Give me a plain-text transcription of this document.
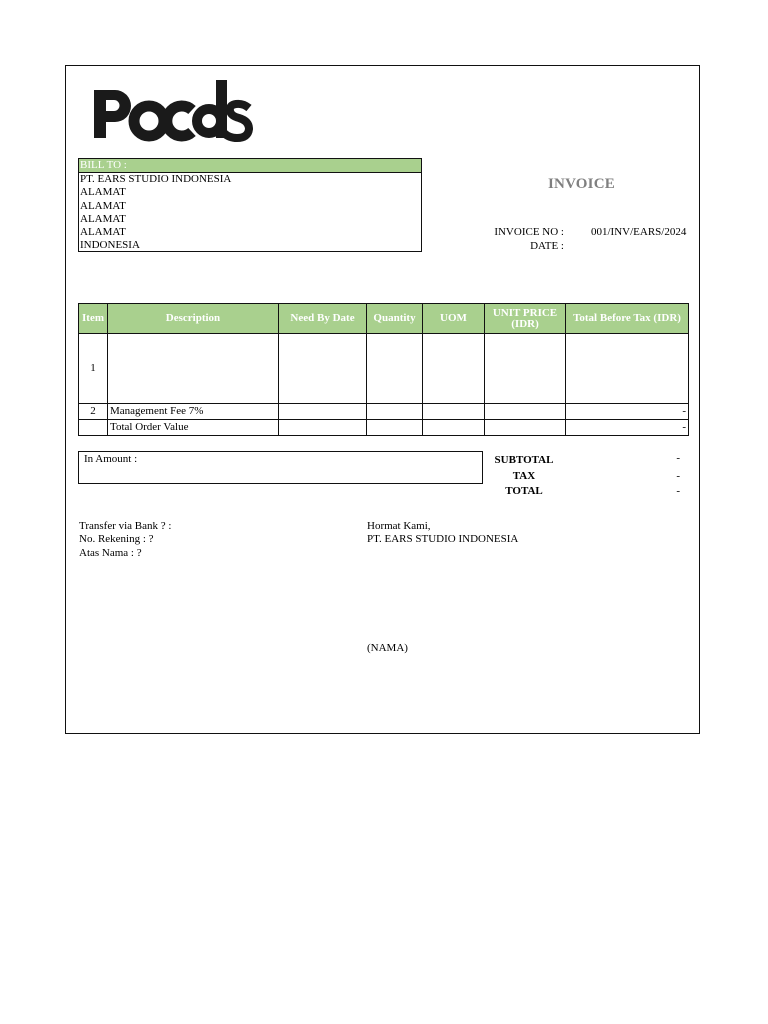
BILL TO :
PT. EARS STUDIO INDONESIA
ALAMAT
ALAMAT
ALAMAT
ALAMAT
INDONESIA
INVOICE
INVOICE NO : 001/INV/EARS/2024
DATE :
Item	Description	Need By Date	Quantity	UOM	UNIT PRICE (IDR)	Total Before Tax (IDR)
1						
2	Management Fee 7%					-
	Total Order Value					-
In Amount :	SUBTOTAL	-
TAX	-
TOTAL	-
Transfer via Bank ? :
No. Rekening : ?
Atas Nama : ?
Hormat Kami,
PT. EARS STUDIO INDONESIA
(NAMA)
